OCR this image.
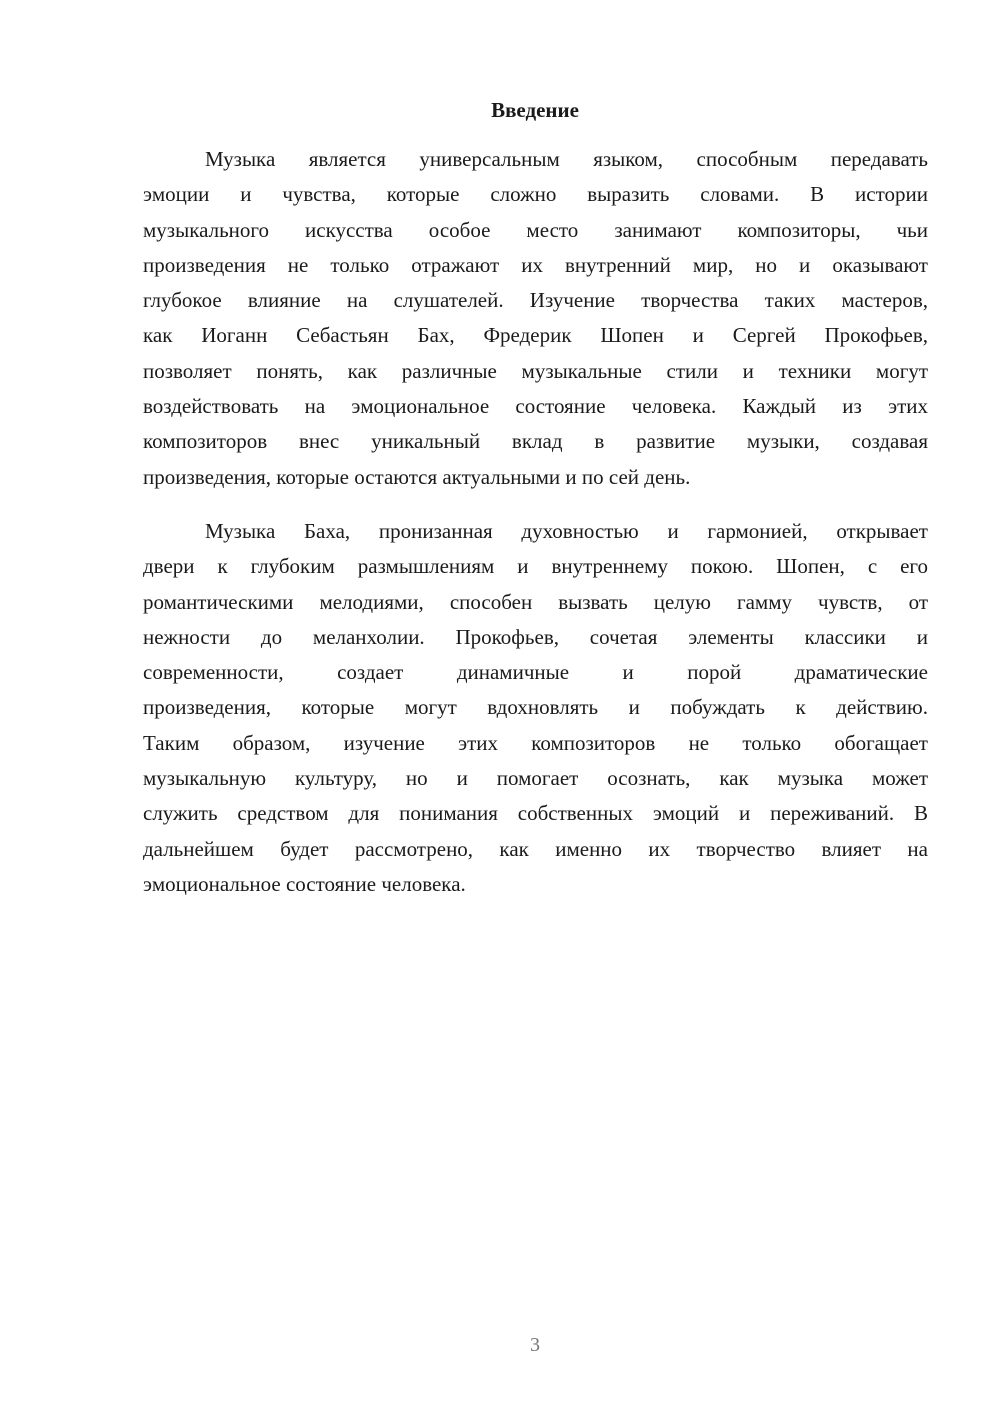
Введение
Музыка является универсальным языком, способным передавать
эмоции и чувства, которые сложно выразить словами. В истории
музыкального искусства особое место занимают композиторы, чьи
произведения не только отражают их внутренний мир, но и оказывают
глубокое влияние на слушателей. Изучение творчества таких мастеров,
как Иоганн Себастьян Бах, Фредерик Шопен и Сергей Прокофьев,
позволяет понять, как различные музыкальные стили и техники могут
воздействовать на эмоциональное состояние человека. Каждый из этих
композиторов внес уникальный вклад в развитие музыки, создавая
произведения, которые остаются актуальными и по сей день.
Музыка Баха, пронизанная духовностью и гармонией, открывает
двери к глубоким размышлениям и внутреннему покою. Шопен, с его
романтическими мелодиями, способен вызвать целую гамму чувств, от
нежности до меланхолии. Прокофьев, сочетая элементы классики и
современности, создает динамичные и порой драматические
произведения, которые могут вдохновлять и побуждать к действию.
Таким образом, изучение этих композиторов не только обогащает
музыкальную культуру, но и помогает осознать, как музыка может
служить средством для понимания собственных эмоций и переживаний. В
дальнейшем будет рассмотрено, как именно их творчество влияет на
эмоциональное состояние человека.
3
